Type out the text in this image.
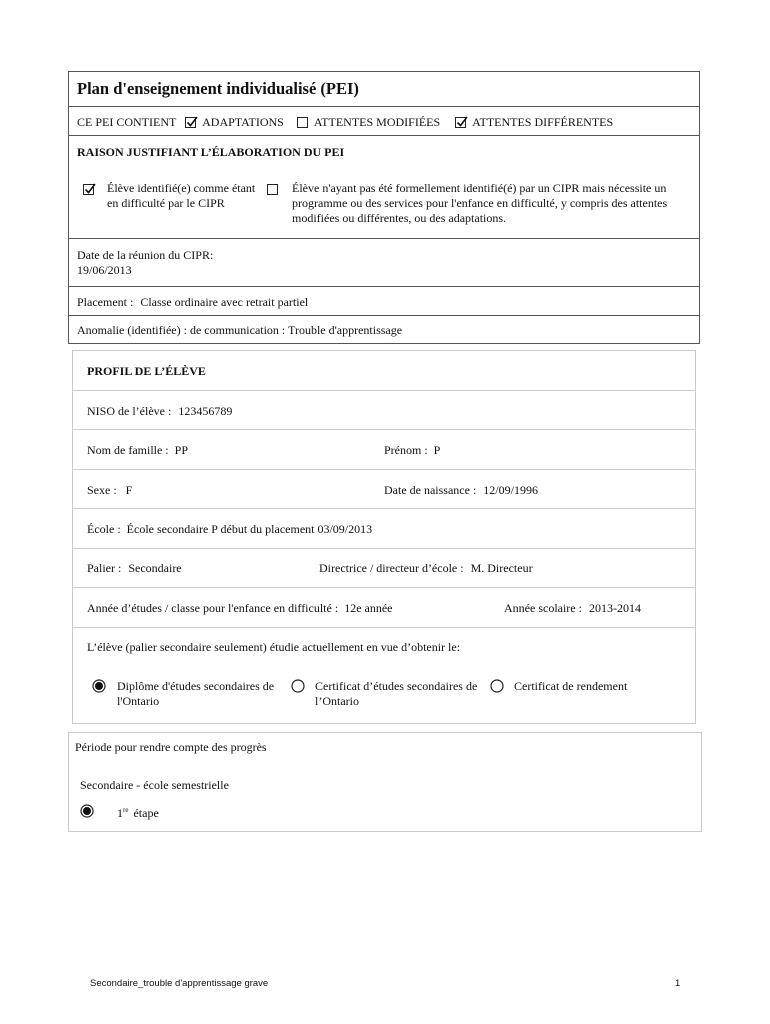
Plan d'enseignement individualisé (PEI)
CE PEI CONTIENT ADAPTATIONS	ATTENTES MODIFIÉES	ATTENTES DIFFÉRENTES
RAISON JUSTIFIANT L’ÉLABORATION DU PEI
Élève identifié(e) comme étant en difficulté par le CIPR
Élève n'ayant pas été formellement identifié(é) par un CIPR mais nécessite un programme ou des services pour l'enfance en difficulté, y compris des attentes modifiées ou différentes, ou des adaptations.
Date de la réunion du CIPR:
19/06/2013
Placement : Classe ordinaire avec retrait partiel
Anomalie (identifiée) : de communication : Trouble d'apprentissage
PROFIL DE L’ÉLÈVE
NISO de l’élève : 123456789
Nom de famille : PP	Prénom : P
Sexe : F	Date de naissance : 12/09/1996
École : École secondaire P début du placement 03/09/2013
Palier : Secondaire	Directrice / directeur d’école : M. Directeur
Année d’études / classe pour l'enfance en difficulté : 12e année	Année scolaire : 2013-2014
L’élève (palier secondaire seulement) étudie actuellement en vue d’obtenir le:
Diplôme d'études secondaires de l'Ontario
Certificat d’études secondaires de l’Ontario
Certificat de rendement
Période pour rendre compte des progrès
Secondaire - école semestrielle
1re étape
Secondaire_trouble d'apprentissage grave	1
